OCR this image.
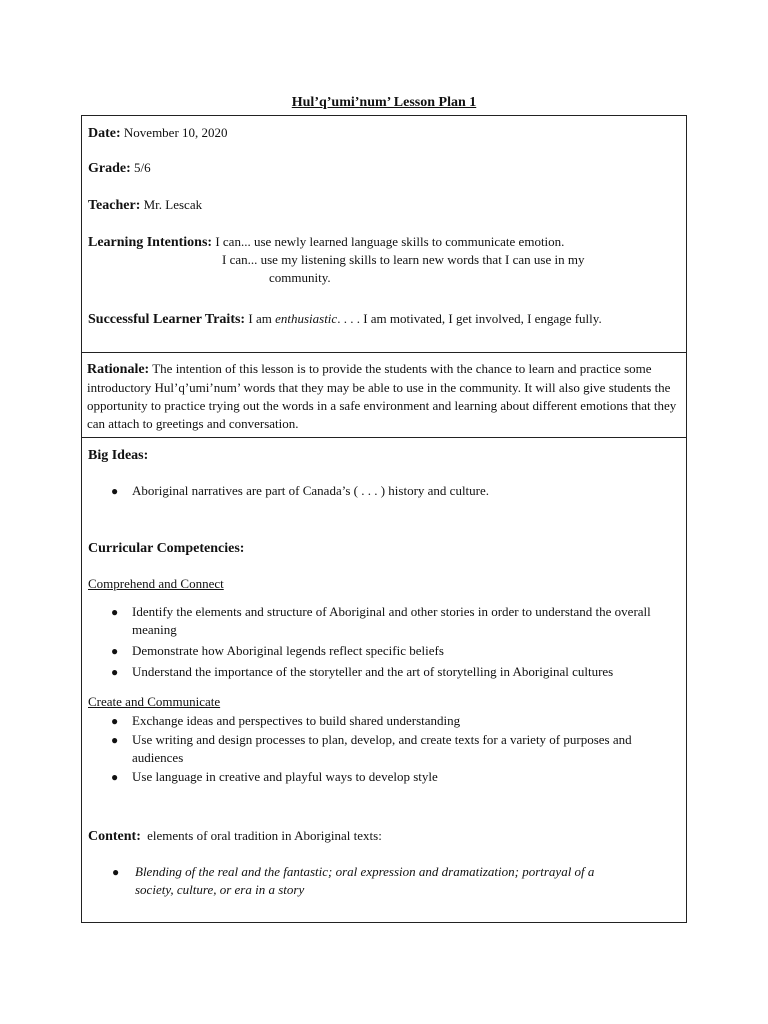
Hul’q’umi’num’ Lesson Plan 1
Date: November 10, 2020
Grade: 5/6
Teacher: Mr. Lescak
Learning Intentions: I can... use newly learned language skills to communicate emotion.
I can... use my listening skills to learn new words that I can use in my
community.
Successful Learner Traits: I am enthusiastic. . . . I am motivated, I get involved, I engage fully.
Rationale: The intention of this lesson is to provide the students with the chance to learn and practice some introductory Hul’q’umi’num’ words that they may be able to use in the community. It will also give students the opportunity to practice trying out the words in a safe environment and learning about different emotions that they can attach to greetings and conversation.
Big Ideas:
● Aboriginal narratives are part of Canada’s ( . . . ) history and culture.
Curricular Competencies:
Comprehend and Connect
● Identify the elements and structure of Aboriginal and other stories in order to understand the overall meaning
● Demonstrate how Aboriginal legends reflect specific beliefs
● Understand the importance of the storyteller and the art of storytelling in Aboriginal cultures
Create and Communicate
● Exchange ideas and perspectives to build shared understanding
● Use writing and design processes to plan, develop, and create texts for a variety of purposes and audiences
● Use language in creative and playful ways to develop style
Content: elements of oral tradition in Aboriginal texts:
● Blending of the real and the fantastic; oral expression and dramatization; portrayal of a society, culture, or era in a story
